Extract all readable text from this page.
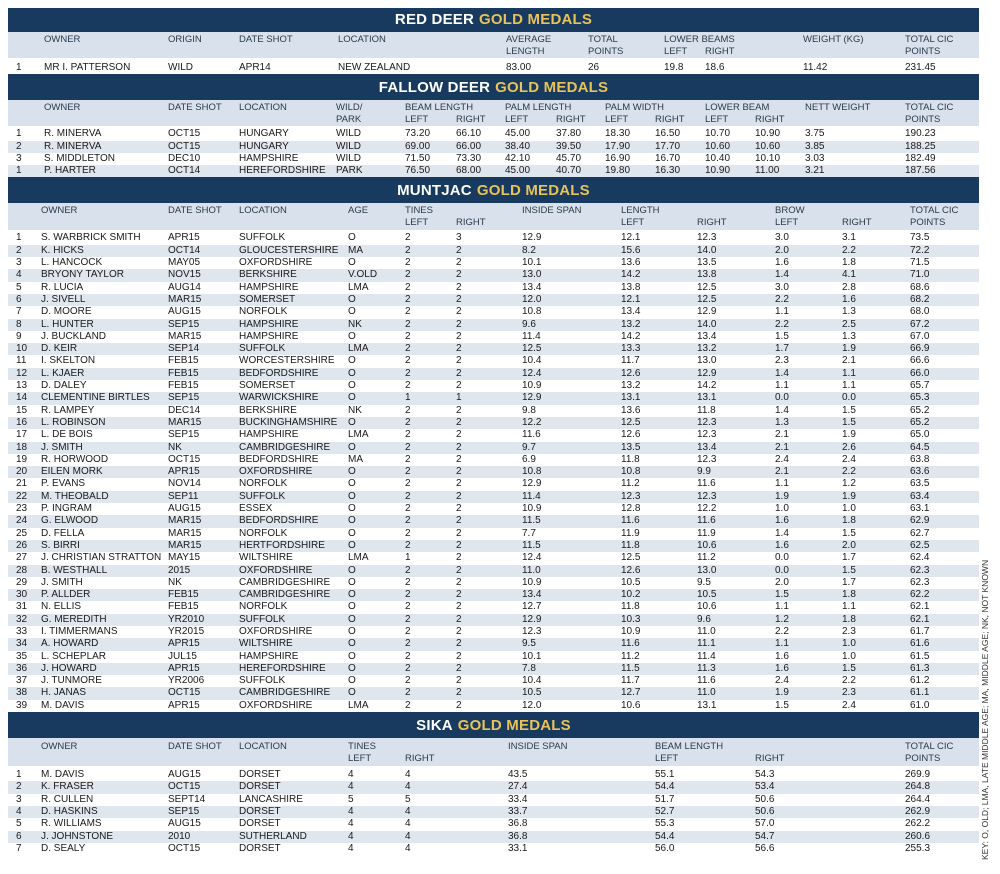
RED DEER GOLD MEDALS
OWNER	ORIGIN	DATE SHOT	LOCATION	AVERAGE
LENGTH
TOTAL
POINTS
LOWER BEAMS
LEFT RIGHT
WEIGHT (KG)	TOTAL CIC
POINTS
1 MR I. PATTERSON	WILD	APR14	NEW ZEALAND	83.00	26	19.8 18.6	11.42	231.45
FALLOW DEER GOLD MEDALS
OWNER	DATE SHOT LOCATION	WILD/
PARK
BEAM LENGTH
LEFT	RIGHT
PALM LENGTH
LEFT	RIGHT
PALM WIDTH
LEFT	RIGHT
LOWER BEAM
LEFT	RIGHT
NETT WEIGHT	TOTAL CIC
POINTS
1 R. MINERVA	OCT15	HUNGARY	WILD	73.20	66.10 45.00	37.80 18.30 16.50 10.70 10.90 3.75	190.23
2 R. MINERVA	OCT15	HUNGARY	WILD	69.00	66.00 38.40	39.50 17.90 17.70 10.60 10.60 3.85	188.25
3 S. MIDDLETON	DEC10	HAMPSHIRE	WILD	71.50	73.30 42.10	45.70 16.90 16.70 10.40 10.10 3.03	182.49
1 P. HARTER	OCT14	HEREFORDSHIRE PARK	76.50	68.00 45.00	40.70 19.80 16.30 10.90 11.00	3.21	187.56
MUNTJAC GOLD MEDALS
OWNER	DATE SHOT LOCATION	AGE	TINES
LEFT	RIGHT
INSIDE SPAN	LENGTH
LEFT	RIGHT
BROW
LEFT	RIGHT
TOTAL CIC
POINTS
1 S. WARBRICK SMITH	APR15	SUFFOLK	O	2	3	12.9	12.1	12.3	3.0	3.1	73.5
2 K. HICKS	OCT14	GLOUCESTERSHIRE MA	2	2	8.2	15.6	14.0	2.0	2.2	72.2
3 L. HANCOCK	MAY05	OXFORDSHIRE	O	2	2	10.1	13.6	13.5	1.6	1.8	71.5
4 BRYONY TAYLOR	NOV15	BERKSHIRE	V.OLD	2	2	13.0	14.2	13.8	1.4	4.1	71.0
5 R. LUCIA	AUG14	HAMPSHIRE	LMA	2	2	13.4	13.8	12.5	3.0	2.8	68.6
6 J. SIVELL	MAR15	SOMERSET	O	2	2	12.0	12.1	12.5	2.2	1.6	68.2
7 D. MOORE	AUG15	NORFOLK	O	2	2	10.8	13.4	12.9	1.1	1.3	68.0
8 L. HUNTER	SEP15	HAMPSHIRE	NK	2	2	9.6	13.2	14.0	2.2	2.5	67.2
9 J. BUCKLAND	MAR15	HAMPSHIRE	O	2	2	11.4	14.2	13.4	1.5	1.3	67.0
10 D. KEIR	SEP14	SUFFOLK	LMA	2	2	12.5	13.3	13.2	1.7	1.9	66.9
11 I. SKELTON	FEB15	WORCESTERSHIRE O	2	2	10.4	11.7	13.0	2.3	2.1	66.6
12 L. KJAER	FEB15	BEDFORDSHIRE	O	2	2	12.4	12.6	12.9	1.4	1.1	66.0
13 D. DALEY	FEB15	SOMERSET	O	2	2	10.9	13.2	14.2	1.1	1.1	65.7
14 CLEMENTINE BIRTLES SEP15	WARWICKSHIRE	O	1	1	12.9	13.1	13.1	0.0	0.0	65.3
15 R. LAMPEY	DEC14	BERKSHIRE	NK	2	2	9.8	13.6	11.8	1.4	1.5	65.2
16 L. ROBINSON	MAR15	BUCKINGHAMSHIRE O	2	2	12.2	12.5	12.3	1.3	1.5	65.2
17 L. DE BOIS	SEP15	HAMPSHIRE	LMA	2	2	11.6	12.6	12.3	2.1	1.9	65.0
18 J. SMITH	NK	CAMBRIDGESHIRE O	2	2	9.7	13.5	13.4	2.1	2.6	64.5
19 R. HORWOOD	OCT15	BEDFORDSHIRE	MA	2	2	6.9	11.8	12.3	2.4	2.4	63.8
20 EILEN MORK	APR15	OXFORDSHIRE	O	2	2	10.8	10.8	9.9	2.1	2.2	63.6
21 P. EVANS	NOV14	NORFOLK	O	2	2	12.9	11.2	11.6	1.1	1.2	63.5
22 M. THEOBALD	SEP11	SUFFOLK	O	2	2	11.4	12.3	12.3	1.9	1.9	63.4
23 P. INGRAM	AUG15	ESSEX	O	2	2	10.9	12.8	12.2	1.0	1.0	63.1
24 G. ELWOOD	MAR15	BEDFORDSHIRE	O	2	2	11.5	11.6	11.6	1.6	1.8	62.9
25 D. FELLA	MAR15	NORFOLK	O	2	2	7.7	11.9	11.9	1.4	1.5	62.7
26 S. BIRRI	MAR15	HERTFORDSHIRE O	2	2	11.5	11.8	10.6	1.6	2.0	62.5
27 J. CHRISTIAN STRATTON MAY15	WILTSHIRE	LMA	1	2	12.4	12.5	11.2	0.0	1.7	62.4
28 B. WESTHALL	2015	OXFORDSHIRE	O	2	2	11.0	12.6	13.0	0.0	1.5	62.3
29 J. SMITH	NK	CAMBRIDGESHIRE O	2	2	10.9	10.5	9.5	2.0	1.7	62.3
30 P. ALLDER	FEB15	CAMBRIDGESHIRE O	2	2	13.4	10.2	10.5	1.5	1.8	62.2
31 N. ELLIS	FEB15	NORFOLK	O	2	2	12.7	11.8	10.6	1.1	1.1	62.1
32 G. MEREDITH	YR2010	SUFFOLK	O	2	2	12.9	10.3	9.6	1.2	1.8	62.1
33 I. TIMMERMANS	YR2015	OXFORDSHIRE	O	2	2	12.3	10.9	11.0	2.2	2.3	61.7
34 A. HOWARD	APR15	WILTSHIRE	O	2	2	9.5	11.6	11.1	1.1	1.0	61.6
35 L. SCHEPLAR	JUL15	HAMPSHIRE	O	2	2	10.1	11.2	11.4	1.6	1.0	61.5
36 J. HOWARD	APR15	HEREFORDSHIRE O	2	2	7.8	11.5	11.3	1.6	1.5	61.3
37 J. TUNMORE	YR2006	SUFFOLK	O	2	2	10.4	11.7	11.6	2.4	2.2	61.2
38 H. JANAS	OCT15	CAMBRIDGESHIRE O	2	2	10.5	12.7	11.0	1.9	2.3	61.1
39 M. DAVIS	APR15	OXFORDSHIRE	LMA	2	2	12.0	10.6	13.1	1.5	2.4	61.0
SIKA GOLD MEDALS
OWNER	DATE SHOT LOCATION	TINES
LEFT	RIGHT
INSIDE SPAN	BEAM LENGTH
LEFT	RIGHT
TOTAL CIC
POINTS
1 M. DAVIS	AUG15	DORSET	4	4	43.5	55.1	54.3	269.9
2 K. FRASER	OCT15	DORSET	4	4	27.4	54.4	53.4	264.8
3 R. CULLEN	SEPT14	LANCASHIRE	5	5	33.4	51.7	50.6	264.4
4 D. HASKINS	SEP15	DORSET	4	4	33.7	52.7	50.6	262.9
5 R. WILLIAMS	AUG15	DORSET	4	4	36.8	55.3	57.0	262.2
6 J. JOHNSTONE	2010	SUTHERLAND	4	4	36.8	54.4	54.7	260.6
7 D. SEALY	OCT15	DORSET	4	4	33.1	56.0	56.6	255.3	KEY: O, OLD; LMA, LATE MIDDLE AGE; MA, MIDDLE AGE; NK, NOT KNOWN
